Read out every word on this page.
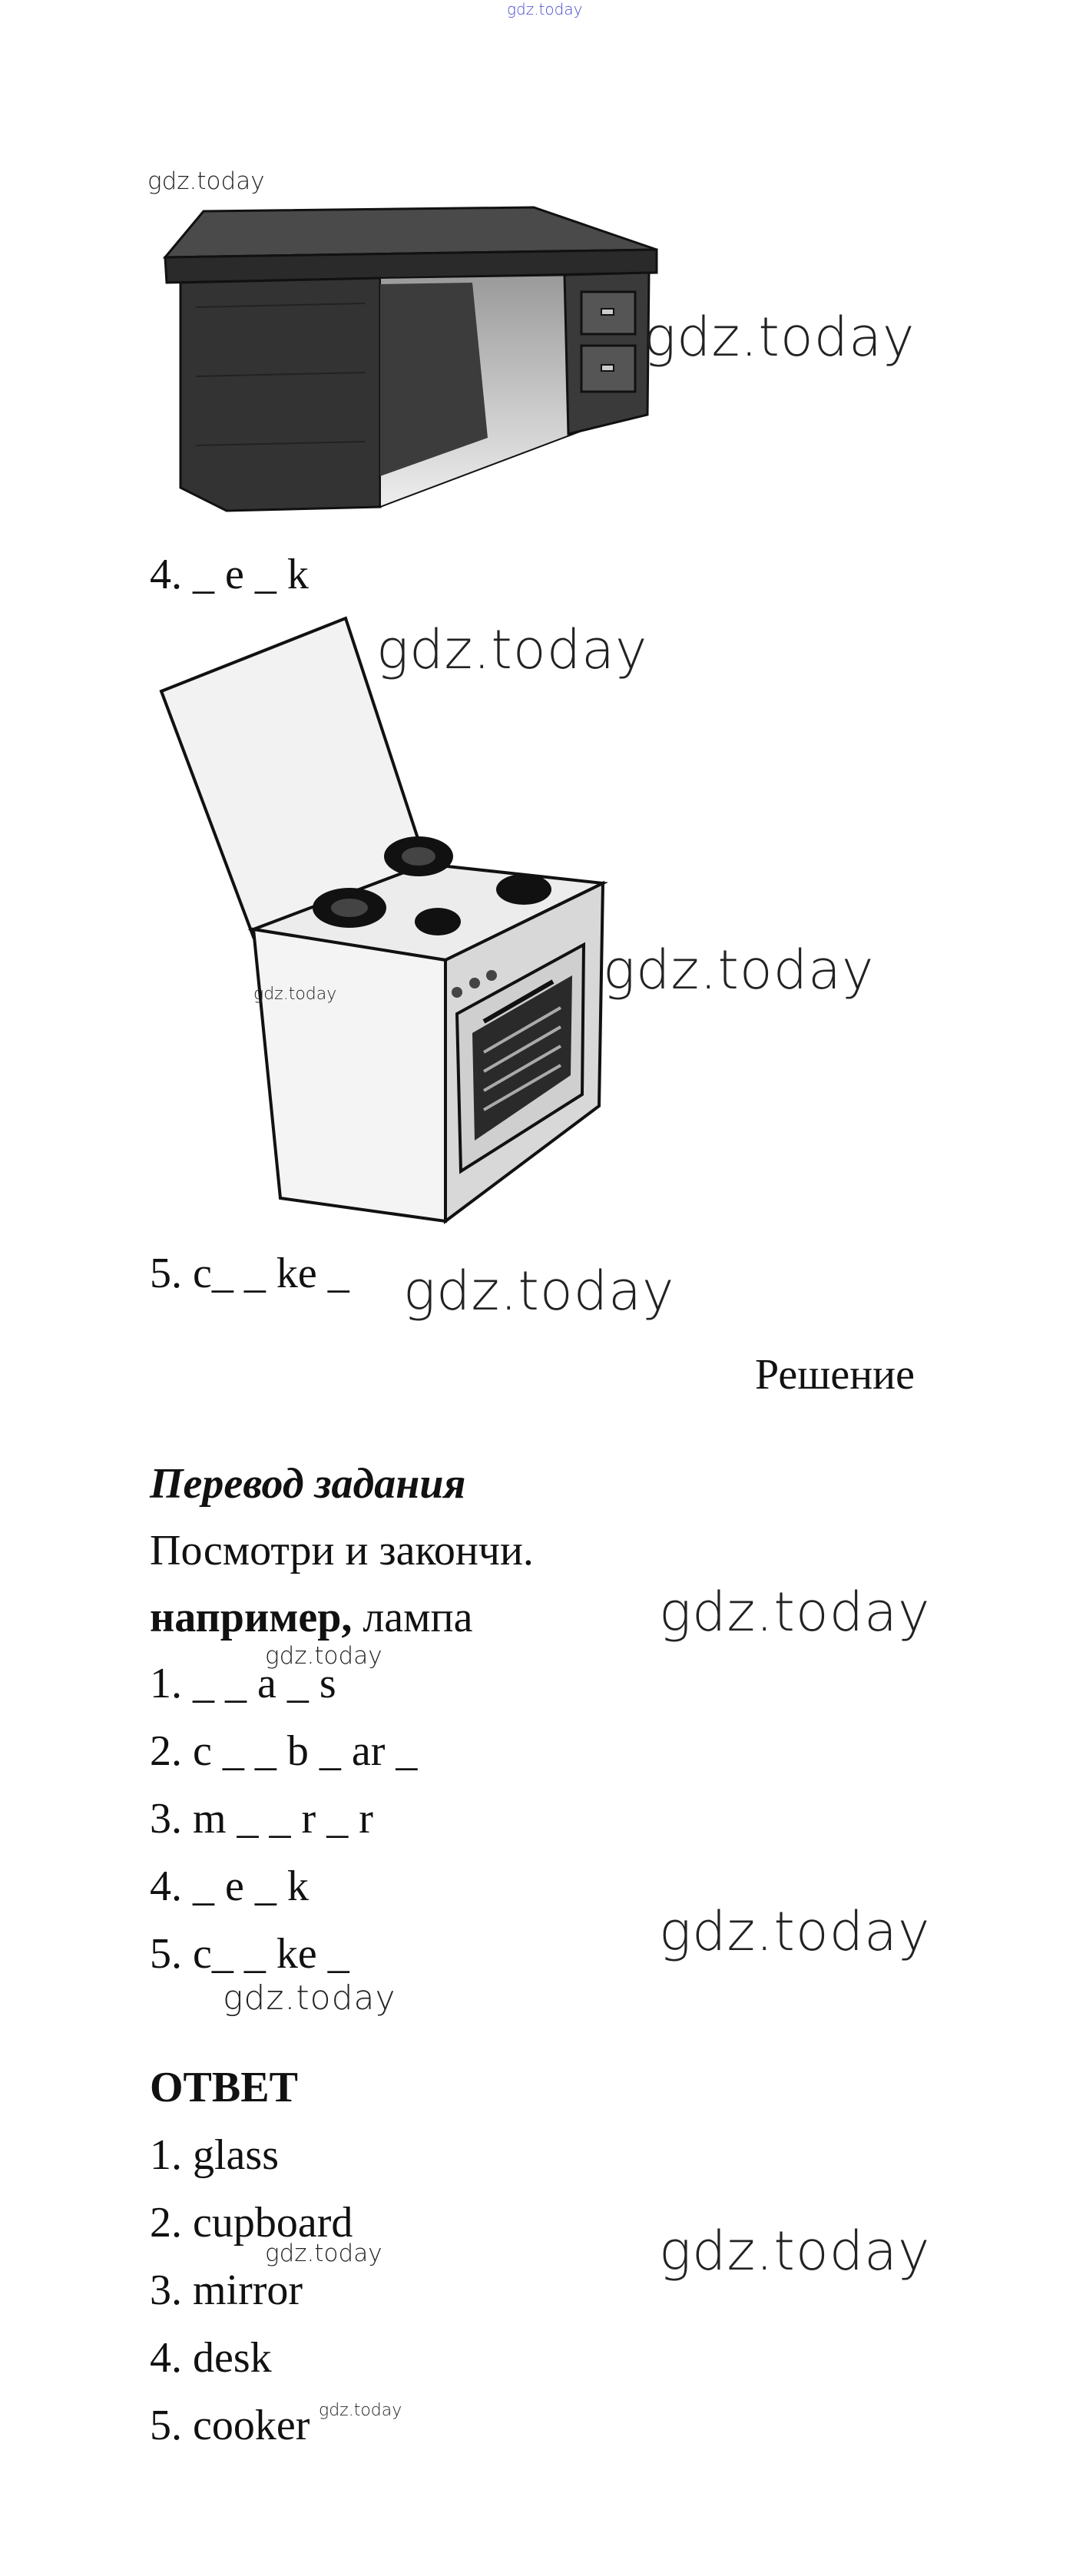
gdz.today
gdz.today
gdz.today
4. _ e _ k
gdz.today
gdz.today
gdz.today
5. c_ _ ke _ gdz.today
Решение
Перевод задания
Посмотри и закончи.
например, лампа	gdz.today
gdz.today
1. _ _ a _ s
2. c _ _ b _ ar _
3. m _ _ r _ r
4. _ e _ k
5. c_ _ ke _	gdz.today
gdz.today
ОТВЕТ
1. glass
2. cupboard
3. mirror
4. desk
5. cooker
gdz.today	gdz.today
gdz.today
